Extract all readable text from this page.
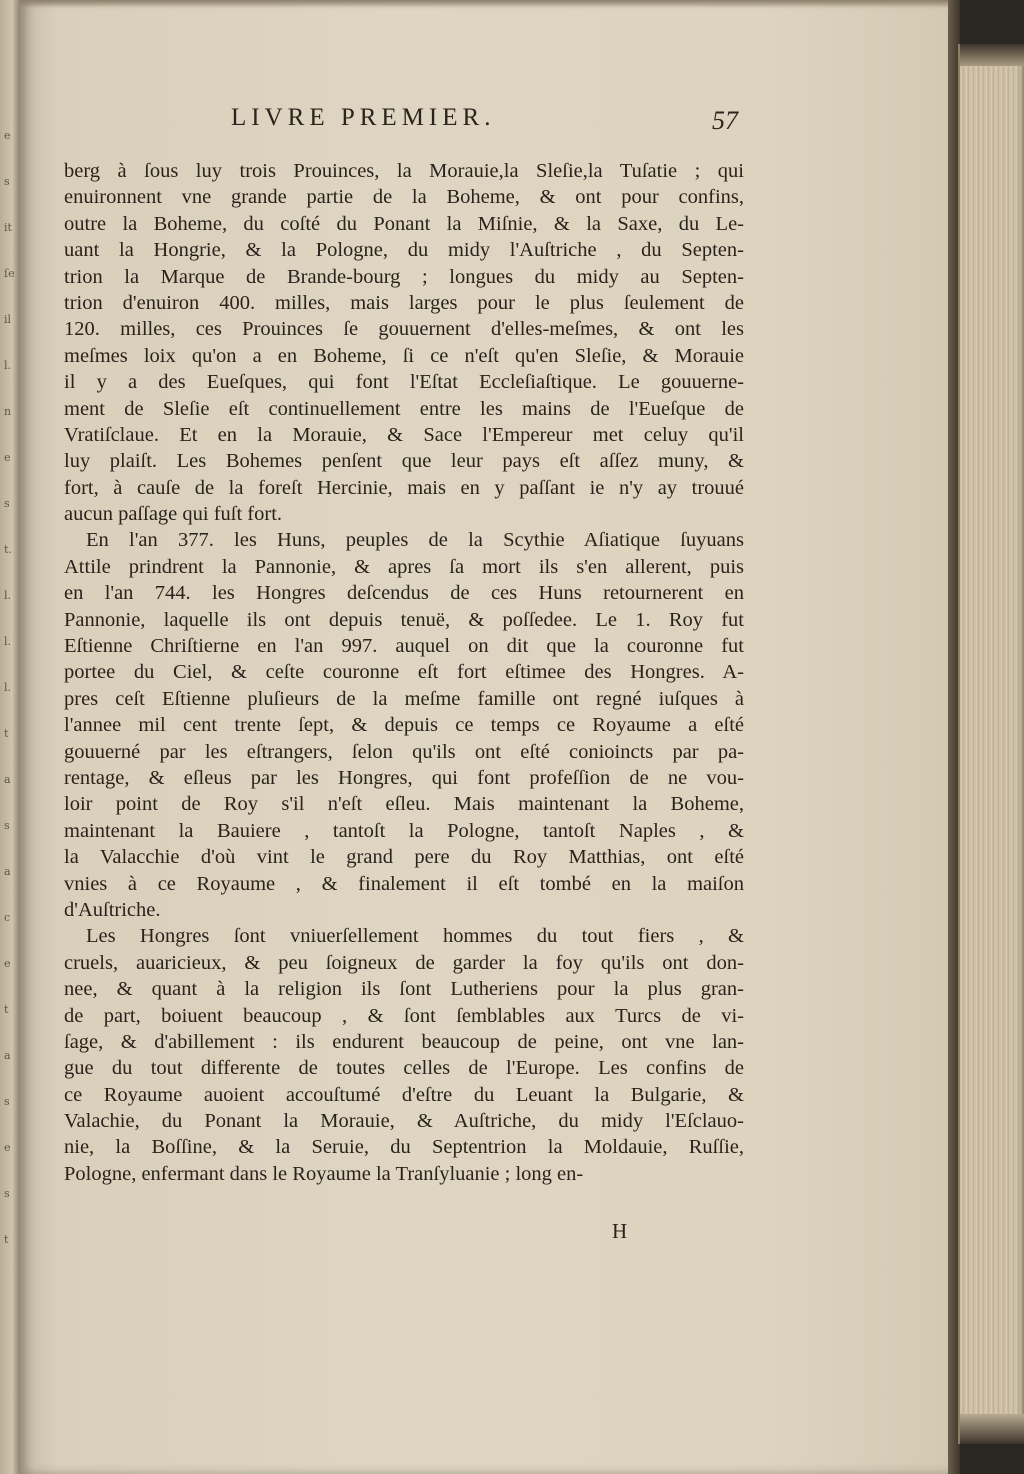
e
s
it
ſe
il
l.
n
e
s
t.
l.
l.
l.
t
a
s
a
c
e
t
a
s
e
s
t
LIVRE PREMIER.	57
berg à ſous luy trois Prouinces, la Morauie,la Sleſie,la Tuſatie ; qui
enuironnent vne grande partie de la Boheme, & ont pour confins,
outre la Boheme, du coſté du Ponant la Miſnie, & la Saxe, du Le-
uant la Hongrie, & la Pologne, du midy l'Auſtriche , du Septen-
trion la Marque de Brande-bourg ; longues du midy au Septen-
trion d'enuiron 400. milles, mais larges pour le plus ſeulement de
120. milles, ces Prouinces ſe gouuernent d'elles-meſmes, & ont les
meſmes loix qu'on a en Boheme, ſi ce n'eſt qu'en Sleſie, & Morauie
il y a des Eueſques, qui font l'Eſtat Eccleſiaſtique. Le gouuerne-
ment de Sleſie eſt continuellement entre les mains de l'Eueſque de
Vratiſclaue. Et en la Morauie, & Sace l'Empereur met celuy qu'il
luy plaiſt. Les Bohemes penſent que leur pays eſt aſſez muny, &
fort, à cauſe de la foreſt Hercinie, mais en y paſſant ie n'y ay trouué
aucun paſſage qui fuſt fort.
En l'an 377. les Huns, peuples de la Scythie Aſiatique ſuyuans
Attile prindrent la Pannonie, & apres ſa mort ils s'en allerent, puis
en l'an 744. les Hongres deſcendus de ces Huns retournerent en
Pannonie, laquelle ils ont depuis tenuë, & poſſedee. Le 1. Roy fut
Eſtienne Chriſtierne en l'an 997. auquel on dit que la couronne fut
portee du Ciel, & ceſte couronne eſt fort eſtimee des Hongres. A-
pres ceſt Eſtienne pluſieurs de la meſme famille ont regné iuſques à
l'annee mil cent trente ſept, & depuis ce temps ce Royaume a eſté
gouuerné par les eſtrangers, ſelon qu'ils ont eſté conioincts par pa-
rentage, & eſleus par les Hongres, qui font profeſſion de ne vou-
loir point de Roy s'il n'eſt eſleu. Mais maintenant la Boheme,
maintenant la Bauiere , tantoſt la Pologne, tantoſt Naples , &
la Valacchie d'où vint le grand pere du Roy Matthias, ont eſté
vnies à ce Royaume , & finalement il eſt tombé en la maiſon
d'Auſtriche.
Les Hongres ſont vniuerſellement hommes du tout fiers , &
cruels, auaricieux, & peu ſoigneux de garder la foy qu'ils ont don-
nee, & quant à la religion ils ſont Lutheriens pour la plus gran-
de part, boiuent beaucoup , & ſont ſemblables aux Turcs de vi-
ſage, & d'abillement : ils endurent beaucoup de peine, ont vne lan-
gue du tout differente de toutes celles de l'Europe. Les confins de
ce Royaume auoient accouſtumé d'eſtre du Leuant la Bulgarie, &
Valachie, du Ponant la Morauie, & Auſtriche, du midy l'Eſclauo-
nie, la Boſſine, & la Seruie, du Septentrion la Moldauie, Ruſſie,
Pologne, enfermant dans le Royaume la Tranſyluanie ; long en-
H
